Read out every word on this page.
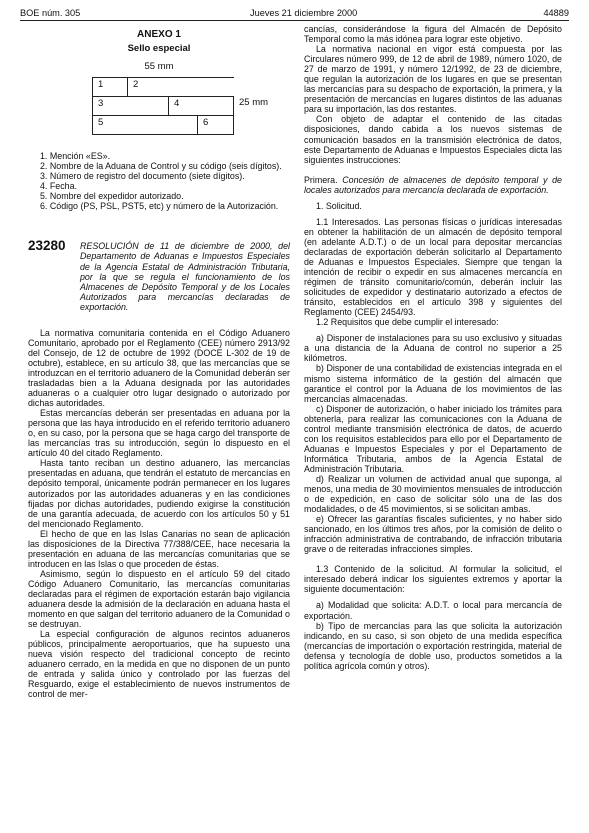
BOE núm. 305	Jueves 21 diciembre 2000	44889
ANEXO 1
Sello especial
55 mm
1	2
3	4
5	6
25 mm

1. Mención «ES».

2. Nombre de la Aduana de Control y su código (seis dígitos).

3. Número de registro del documento (siete dígitos).

4. Fecha.

5. Nombre del expedidor autorizado.

6. Código (PS, PSL, PST5, etc) y número de la Autorización.

23280 RESOLUCIÓN de 11 de diciembre de 2000, del Departamento de Aduanas e Impuestos Especiales de la Agencia Estatal de Administración Tributaria, por la que se regula el funcionamiento de los Almacenes de Depósito Temporal y de los Locales Autorizados para mercancías declaradas de exportación.

La normativa comunitaria contenida en el Código Aduanero Comunitario, aprobado por el Reglamento (CEE) número 2913/92 del Consejo, de 12 de octubre de 1992 (DOCE L-302 de 19 de octubre), establece, en su artículo 38, que las mercancías que se introduzcan en el territorio aduanero de la Comunidad deberán ser trasladadas bien a la Aduana designada por las autoridades aduaneras o a cualquier otro lugar designado o autorizado por dichas autoridades.

Estas mercancías deberán ser presentadas en aduana por la persona que las haya introducido en el referido territorio aduanero o, en su caso, por la persona que se haga cargo del transporte de las mercancías tras su introducción, según lo dispuesto en el artículo 40 del citado Reglamento.

Hasta tanto reciban un destino aduanero, las mercancías presentadas en aduana, que tendrán el estatuto de mercancías en depósito temporal, únicamente podrán permanecer en los lugares autorizados por las autoridades aduaneras y en las condiciones fijadas por dichas autoridades, pudiendo exigirse la constitución de una garantía adecuada, de acuerdo con los artículos 50 y 51 del mencionado Reglamento.

El hecho de que en las Islas Canarias no sean de aplicación las disposiciones de la Directiva 77/388/CEE, hace necesaria la presentación en aduana de las mercancías comunitarias que se introducen en las Islas o que proceden de éstas.

Asimismo, según lo dispuesto en el artículo 59 del citado Código Aduanero Comunitario, las mercancías comunitarias declaradas para el régimen de exportación estarán bajo vigilancia aduanera desde la admisión de la declaración en aduana hasta el momento en que salgan del territorio aduanero de la Comunidad o se destruyan.

La especial configuración de algunos recintos aduaneros públicos, principalmente aeroportuarios, que ha supuesto una nueva visión respecto del tradicional concepto de recinto aduanero cerrado, en la medida en que no disponen de un punto de entrada y salida único y controlado por las fuerzas del Resguardo, exige el establecimiento de nuevos instrumentos de control de mer-

cancías, considerándose la figura del Almacén de Depósito Temporal como la más idónea para lograr este objetivo.

La normativa nacional en vigor está compuesta por las Circulares número 999, de 12 de abril de 1989, número 1020, de 27 de marzo de 1991, y número 12/1992, de 23 de diciembre, que regulan la autorización de los lugares en que se presentan las mercancías para su despacho de exportación, la primera, y la presentación de mercancías en lugares distintos de las aduanas para su importación, las dos restantes.

Con objeto de adaptar el contenido de las citadas disposiciones, dando cabida a los nuevos sistemas de comunicación basados en la transmisión electrónica de datos, este Departamento de Aduanas e Impuestos Especiales dicta las siguientes instrucciones:

Primera. Concesión de almacenes de depósito temporal y de locales autorizados para mercancía declarada de exportación.

1. Solicitud.

1.1 Interesados. Las personas físicas o jurídicas interesadas en obtener la habilitación de un almacén de depósito temporal (en adelante A.D.T.) o de un local para depositar mercancías declaradas de exportación deberán solicitarlo al Departamento de Aduanas e Impuestos Especiales. Siempre que tengan la intención de recibir o expedir en sus almacenes mercancía en régimen de tránsito comunitario/común, deberán incluir las solicitudes de expedidor y destinatario autorizado a efectos de tránsito, establecidos en el artículo 398 y siguientes del Reglamento (CEE) 2454/93.

1.2 Requisitos que debe cumplir el interesado:

a) Disponer de instalaciones para su uso exclusivo y situadas a una distancia de la Aduana de control no superior a 25 kilómetros.

b) Disponer de una contabilidad de existencias integrada en el mismo sistema informático de la gestión del almacén que garantice el control por la Aduana de los movimientos de las mercancías almacenadas.

c) Disponer de autorización, o haber iniciado los trámites para obtenerla, para realizar las comunicaciones con la Aduana de control mediante transmisión electrónica de datos, de acuerdo con los requisitos establecidos para ello por el Departamento de Aduanas e Impuestos Especiales y por el Departamento de Informática Tributaria, ambos de la Agencia Estatal de Administración Tributaria.

d) Realizar un volumen de actividad anual que suponga, al menos, una media de 30 movimientos mensuales de introducción o de expedición, en caso de solicitar sólo una de las dos modalidades, o de 45 movimientos, si se solicitan ambas.

e) Ofrecer las garantías fiscales suficientes, y no haber sido sancionado, en los últimos tres años, por la comisión de delito o infracción administrativa de contrabando, de infracción tributaria grave o de reiteradas infracciones simples.

1.3 Contenido de la solicitud. Al formular la solicitud, el interesado deberá indicar los siguientes extremos y aportar la siguiente documentación:

a) Modalidad que solicita: A.D.T. o local para mercancía de exportación.

b) Tipo de mercancías para las que solicita la autorización indicando, en su caso, si son objeto de una medida específica (mercancías de importación o exportación restringida, material de defensa y tecnología de doble uso, productos sometidos a la política agrícola común y otros).
